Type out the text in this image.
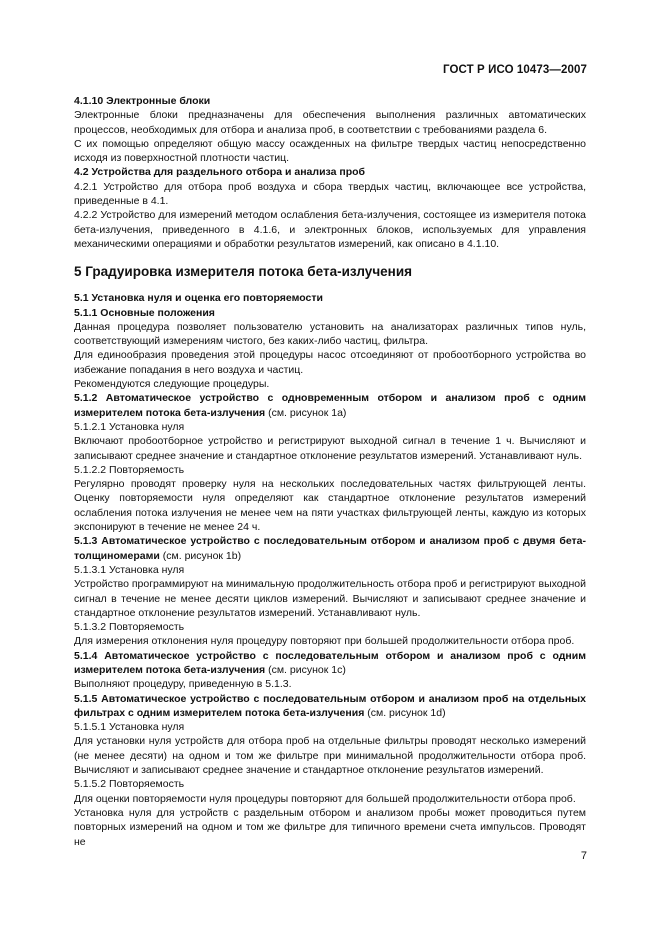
ГОСТ Р ИСО 10473—2007

4.1.10 Электронные блоки

Электронные блоки предназначены для обеспечения выполнения различных автоматических процессов, необходимых для отбора и анализа проб, в соответствии с требованиями раздела 6.

С их помощью определяют общую массу осажденных на фильтре твердых частиц непосредственно исходя из поверхностной плотности частиц.

4.2 Устройства для раздельного отбора и анализа проб

4.2.1 Устройство для отбора проб воздуха и сбора твердых частиц, включающее все устройства, приведенные в 4.1.

4.2.2 Устройство для измерений методом ослабления бета-излучения, состоящее из измерителя потока бета-излучения, приведенного в 4.1.6, и электронных блоков, используемых для управления механическими операциями и обработки результатов измерений, как описано в 4.1.10.

5 Градуировка измерителя потока бета-излучения

5.1 Установка нуля и оценка его повторяемости

5.1.1 Основные положения

Данная процедура позволяет пользователю установить на анализаторах различных типов нуль, соответствующий измерениям чистого, без каких-либо частиц, фильтра.

Для единообразия проведения этой процедуры насос отсоединяют от пробоотборного устройства во избежание попадания в него воздуха и частиц.

Рекомендуются следующие процедуры.

5.1.2 Автоматическое устройство с одновременным отбором и анализом проб с одним измерителем потока бета-излучения (см. рисунок 1a)

5.1.2.1 Установка нуля

Включают пробоотборное устройство и регистрируют выходной сигнал в течение 1 ч. Вычисляют и записывают среднее значение и стандартное отклонение результатов измерений. Устанавливают нуль.

5.1.2.2 Повторяемость

Регулярно проводят проверку нуля на нескольких последовательных частях фильтрующей ленты. Оценку повторяемости нуля определяют как стандартное отклонение результатов измерений ослабления потока излучения не менее чем на пяти участках фильтрующей ленты, каждую из которых экспонируют в течение не менее 24 ч.

5.1.3 Автоматическое устройство с последовательным отбором и анализом проб с двумя бета-толщиномерами (см. рисунок 1b)

5.1.3.1 Установка нуля

Устройство программируют на минимальную продолжительность отбора проб и регистрируют выходной сигнал в течение не менее десяти циклов измерений. Вычисляют и записывают среднее значение и стандартное отклонение результатов измерений. Устанавливают нуль.

5.1.3.2 Повторяемость

Для измерения отклонения нуля процедуру повторяют при большей продолжительности отбора проб.

5.1.4 Автоматическое устройство с последовательным отбором и анализом проб с одним измерителем потока бета-излучения (см. рисунок 1c)

Выполняют процедуру, приведенную в 5.1.3.

5.1.5 Автоматическое устройство с последовательным отбором и анализом проб на отдельных фильтрах с одним измерителем потока бета-излучения (см. рисунок 1d)

5.1.5.1 Установка нуля

Для установки нуля устройств для отбора проб на отдельные фильтры проводят несколько измерений (не менее десяти) на одном и том же фильтре при минимальной продолжительности отбора проб. Вычисляют и записывают среднее значение и стандартное отклонение результатов измерений.

5.1.5.2 Повторяемость

Для оценки повторяемости нуля процедуры повторяют для большей продолжительности отбора проб.

Установка нуля для устройств с раздельным отбором и анализом пробы может проводиться путем повторных измерений на одном и том же фильтре для типичного времени счета импульсов. Проводят не

7
